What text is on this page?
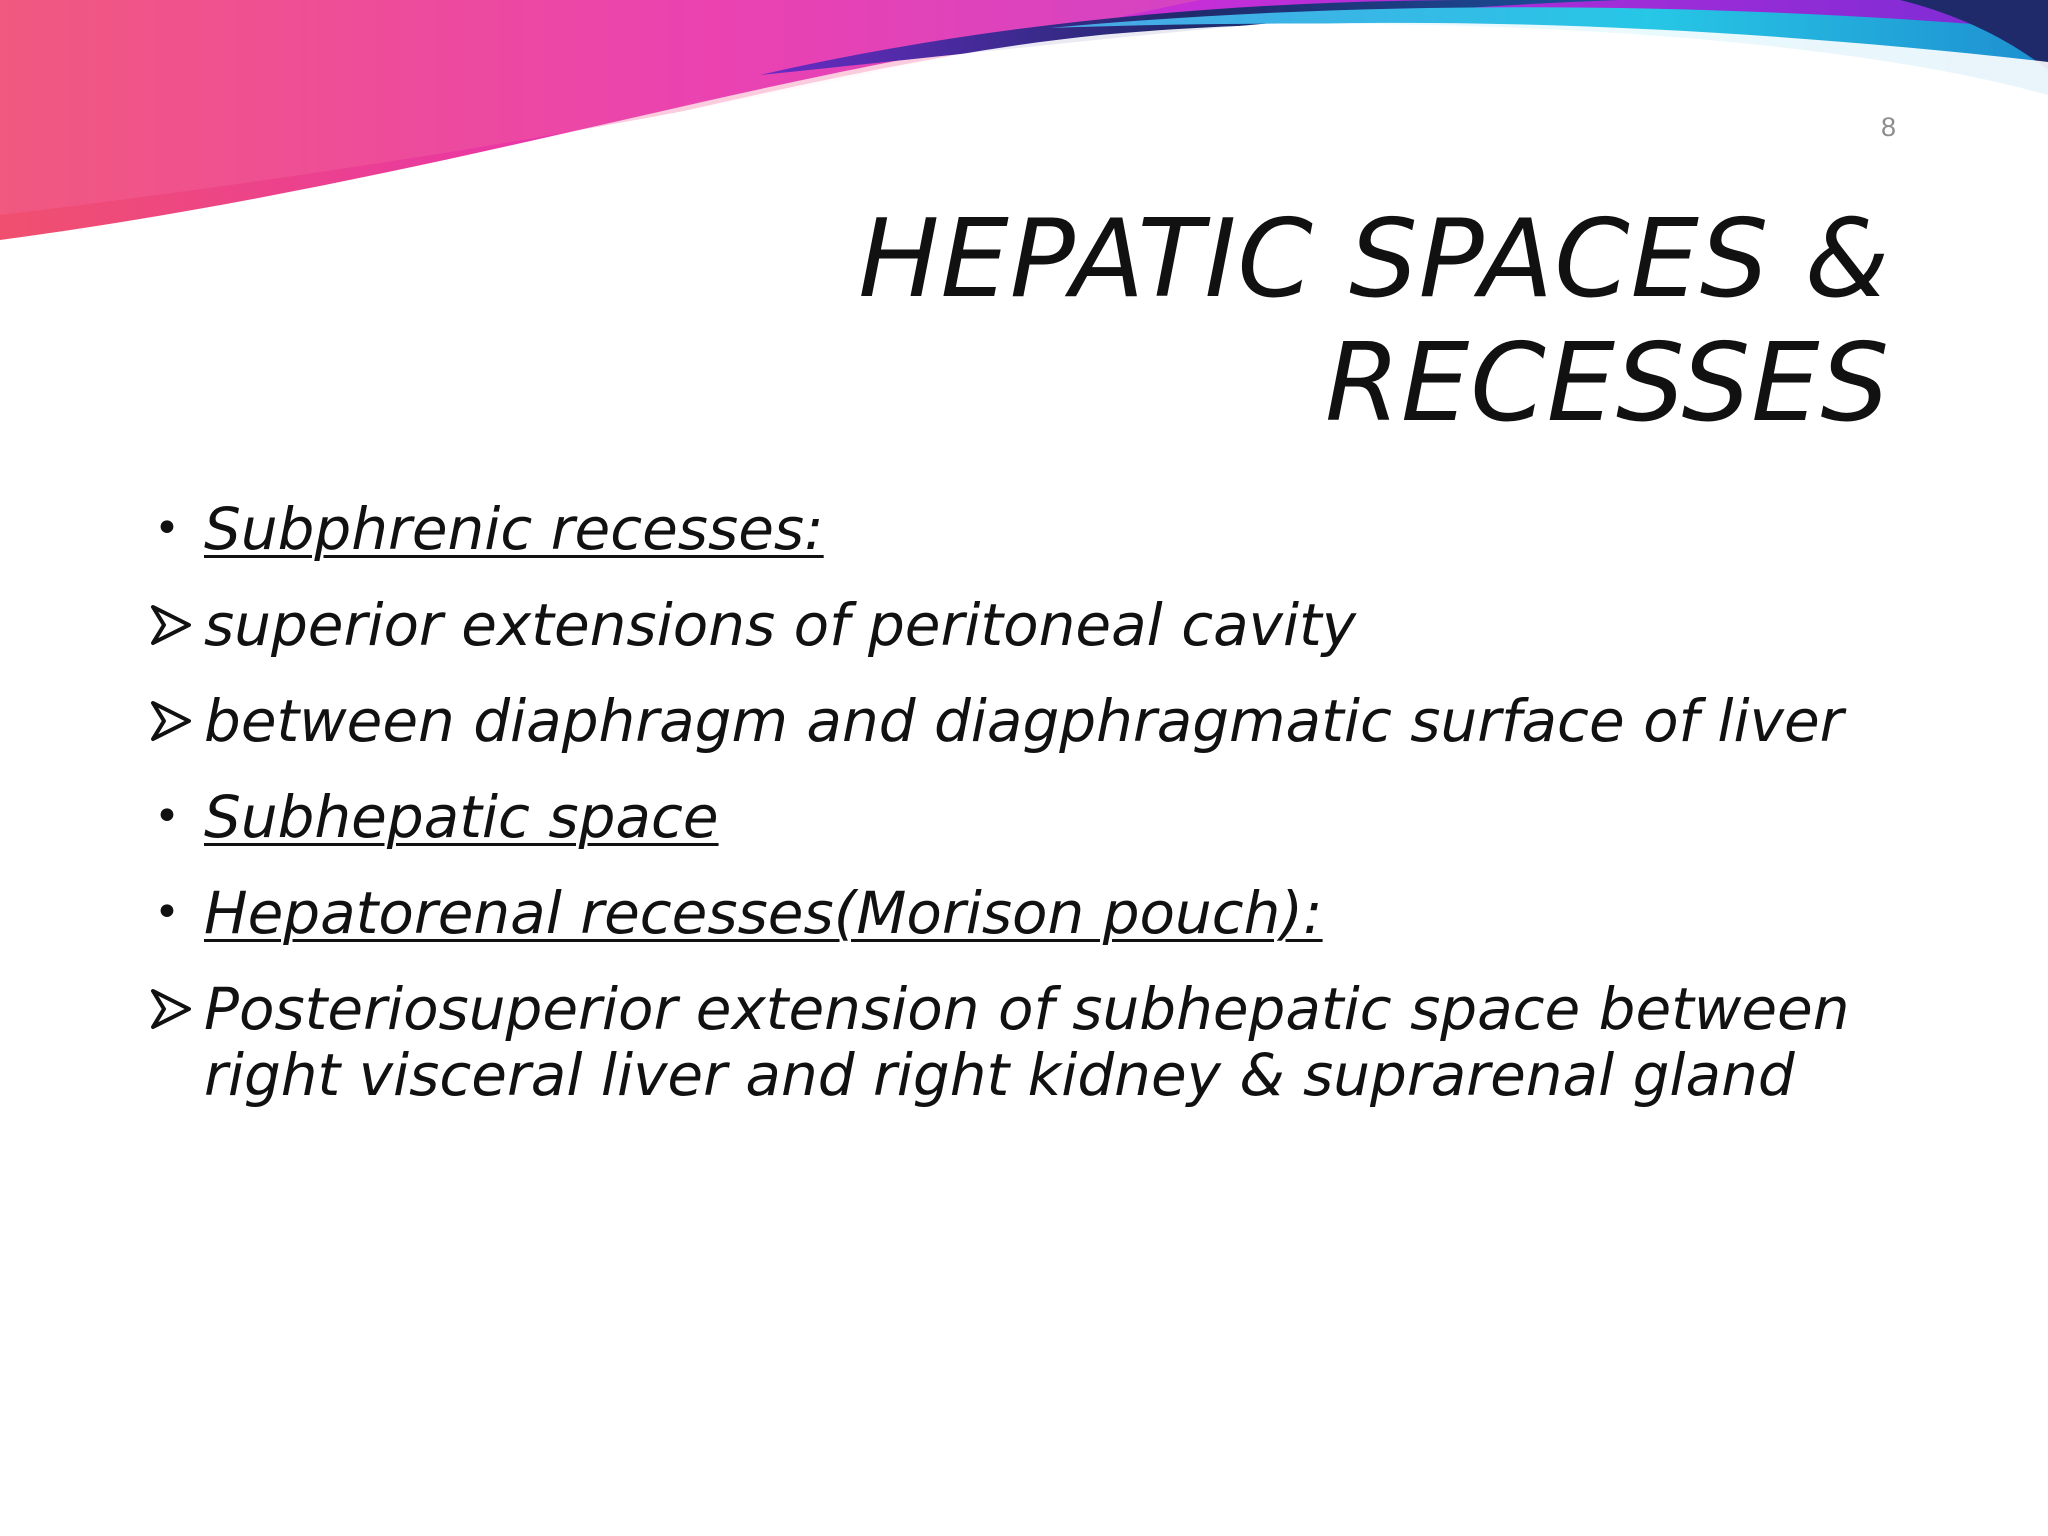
8
HEPATIC SPACES &
RECESSES
• Subphrenic recesses:
superior extensions of peritoneal cavity
between diaphragm and diagphragmatic surface of liver
• Subhepatic space
• Hepatorenal recesses(Morison pouch):
Posteriosuperior extension of subhepatic space between right visceral liver and right kidney & suprarenal gland
